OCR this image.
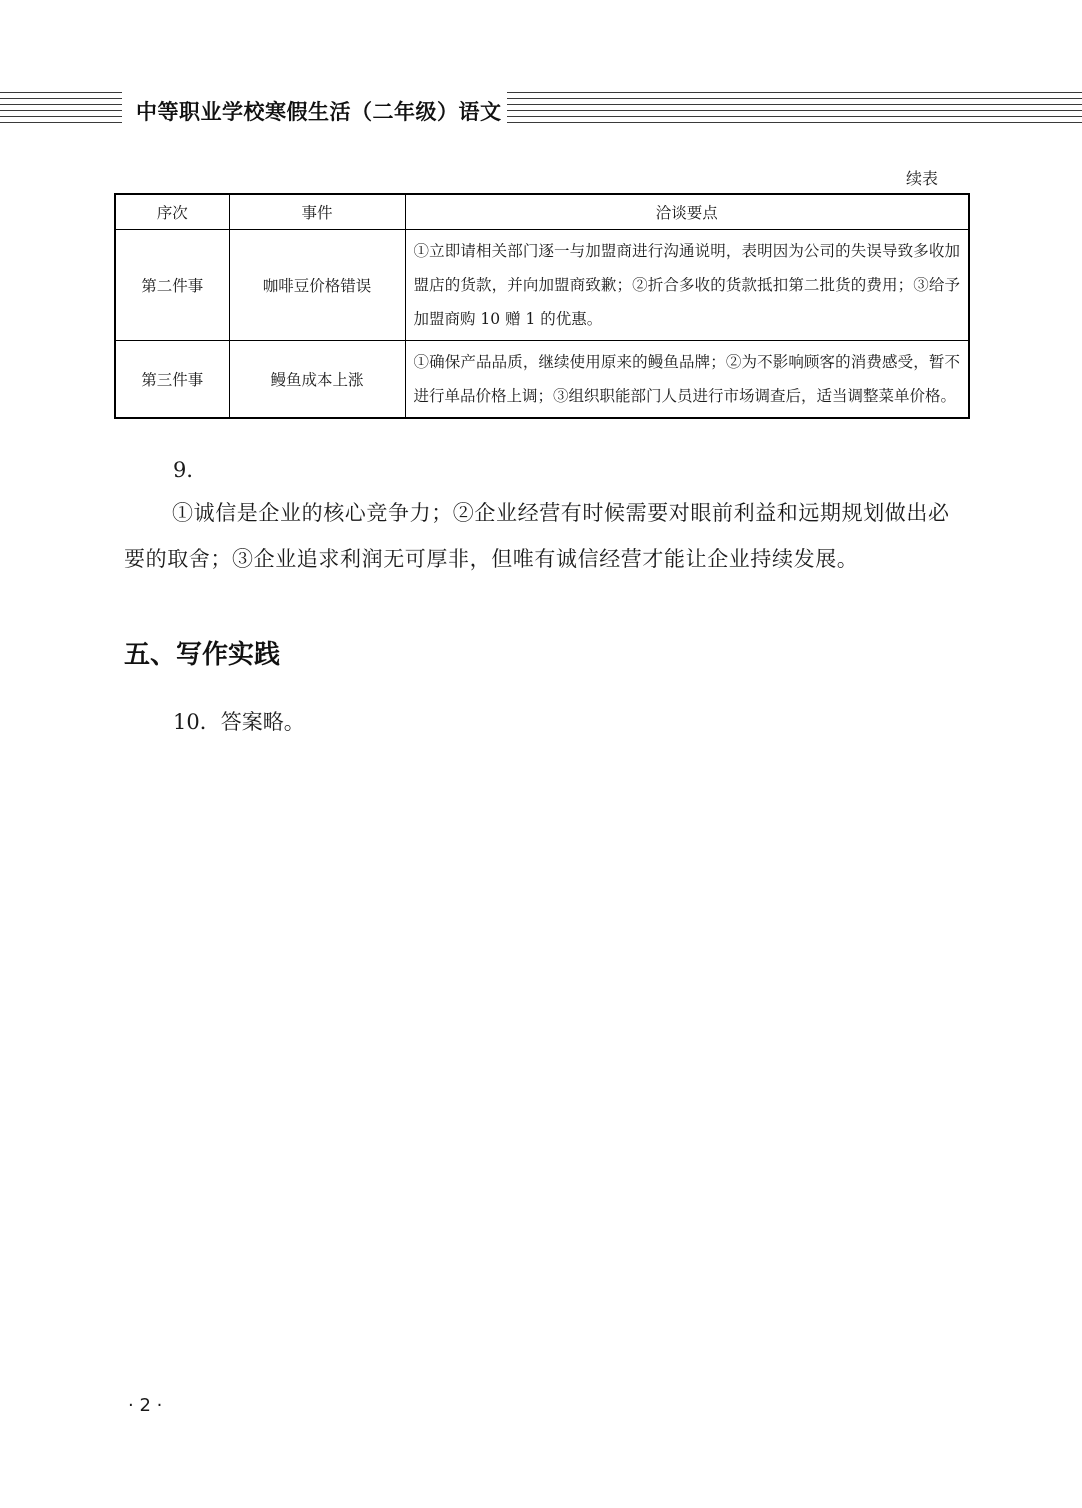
中等职业学校寒假生活（二年级）语文
续表
序次	事件	洽谈要点
第二件事	咖啡豆价格错误	①立即请相关部门逐一与加盟商进行沟通说明，表明因为公司的失误导致多收加盟店的货款，并向加盟商致歉；②折合多收的货款抵扣第二批货的费用；③给予加盟商购 10 赠 1 的优惠。
第三件事	鳗鱼成本上涨	①确保产品品质，继续使用原来的鳗鱼品牌；②为不影响顾客的消费感受，暂不进行单品价格上调；③组织职能部门人员进行市场调查后，适当调整菜单价格。
9．
①诚信是企业的核心竞争力；②企业经营有时候需要对眼前利益和远期规划做出必要的取舍；③企业追求利润无可厚非，但唯有诚信经营才能让企业持续发展。
五、写作实践
10．答案略。
· 2 ·
